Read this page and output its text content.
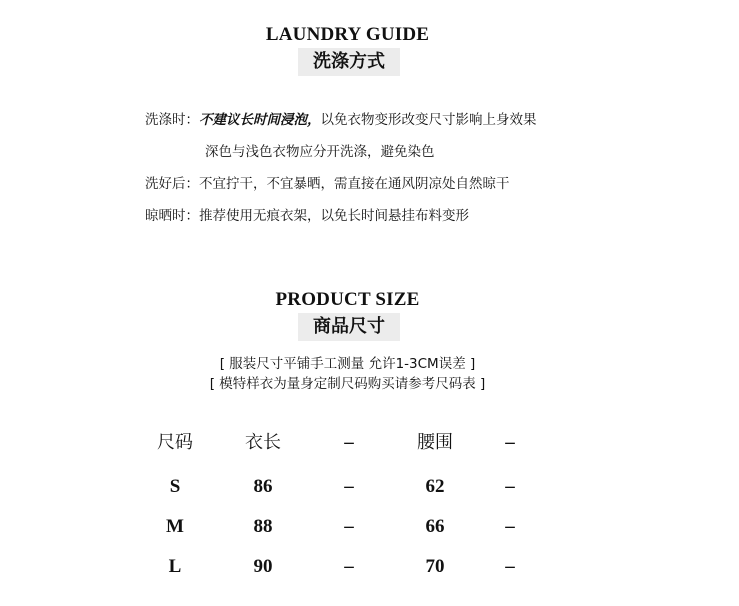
LAUNDRY GUIDE
洗涤方式
洗涤时：不建议长时间浸泡，以免衣物变形改变尺寸影响上身效果
深色与浅色衣物应分开洗涤，避免染色
洗好后：不宜拧干，不宜暴晒，需直接在通风阴凉处自然晾干
晾晒时：推荐使用无痕衣架，以免长时间悬挂布料变形
PRODUCT SIZE
商品尺寸
[ 服装尺寸平铺手工测量 允许1-3CM误差 ]
[ 模特样衣为量身定制尺码购买请参考尺码表 ]
尺码	衣长	–	腰围	–
S	86	–	62	–
M	88	–	66	–
L	90	–	70	–
